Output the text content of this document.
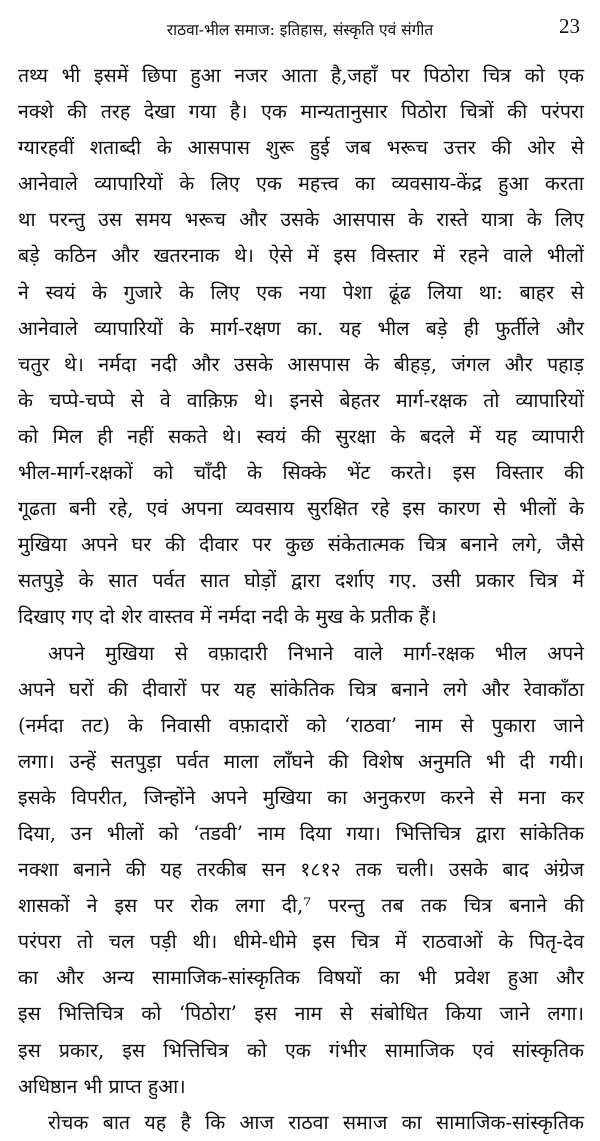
राठवा-भील समाज: इतिहास, संस्कृति एवं संगीत	23
तथ्य भी इसमें छिपा हुआ नजर आता है,जहाँ पर पिठोरा चित्र को एक
नक्शे की तरह देखा गया है। एक मान्यतानुसार पिठोरा चित्रों की परंपरा
ग्यारहवीं शताब्दी के आसपास शुरू हुई जब भरूच उत्तर की ओर से
आनेवाले व्यापारियों के लिए एक महत्त्व का व्यवसाय-केंद्र हुआ करता
था परन्तु उस समय भरूच और उसके आसपास के रास्ते यात्रा के लिए
बड़े कठिन और खतरनाक थे। ऐसे में इस विस्तार में रहने वाले भीलों
ने स्वयं के गुजारे के लिए एक नया पेशा ढूंढ लिया था: बाहर से
आनेवाले व्यापारियों के मार्ग-रक्षण का. यह भील बड़े ही फुर्तीले और
चतुर थे। नर्मदा नदी और उसके आसपास के बीहड़, जंगल और पहाड़
के चप्पे-चप्पे से वे वाक़िफ़ थे। इनसे बेहतर मार्ग-रक्षक तो व्यापारियों
को मिल ही नहीं सकते थे। स्वयं की सुरक्षा के बदले में यह व्यापारी
भील-मार्ग-रक्षकों को चाँदी के सिक्के भेंट करते। इस विस्तार की
गूढता बनी रहे, एवं अपना व्यवसाय सुरक्षित रहे इस कारण से भीलों के
मुखिया अपने घर की दीवार पर कुछ संकेतात्मक चित्र बनाने लगे, जैसे
सतपुड़े के सात पर्वत सात घोड़ों द्वारा दर्शाए गए. उसी प्रकार चित्र में
दिखाए गए दो शेर वास्तव में नर्मदा नदी के मुख के प्रतीक हैं।
अपने मुखिया से वफ़ादारी निभाने वाले मार्ग-रक्षक भील अपने
अपने घरों की दीवारों पर यह सांकेतिक चित्र बनाने लगे और रेवाकाँठा
(नर्मदा तट) के निवासी वफ़ादारों को ‘राठवा’ नाम से पुकारा जाने
लगा। उन्हें सतपुड़ा पर्वत माला लाँघने की विशेष अनुमति भी दी गयी।
इसके विपरीत, जिन्होंने अपने मुखिया का अनुकरण करने से मना कर
दिया, उन भीलों को ‘तडवी’ नाम दिया गया। भित्तिचित्र द्वारा सांकेतिक
नक्शा बनाने की यह तरकीब सन १८१२ तक चली। उसके बाद अंग्रेज
शासकों ने इस पर रोक लगा दी,⁷ परन्तु तब तक चित्र बनाने की
परंपरा तो चल पड़ी थी। धीमे-धीमे इस चित्र में राठवाओं के पितृ-देव
का और अन्य सामाजिक-सांस्कृतिक विषयों का भी प्रवेश हुआ और
इस भित्तिचित्र को ‘पिठोरा’ इस नाम से संबोधित किया जाने लगा।
इस प्रकार, इस भित्तिचित्र को एक गंभीर सामाजिक एवं सांस्कृतिक
अधिष्ठान भी प्राप्त हुआ।
रोचक बात यह है कि आज राठवा समाज का सामाजिक-सांस्कृतिक
